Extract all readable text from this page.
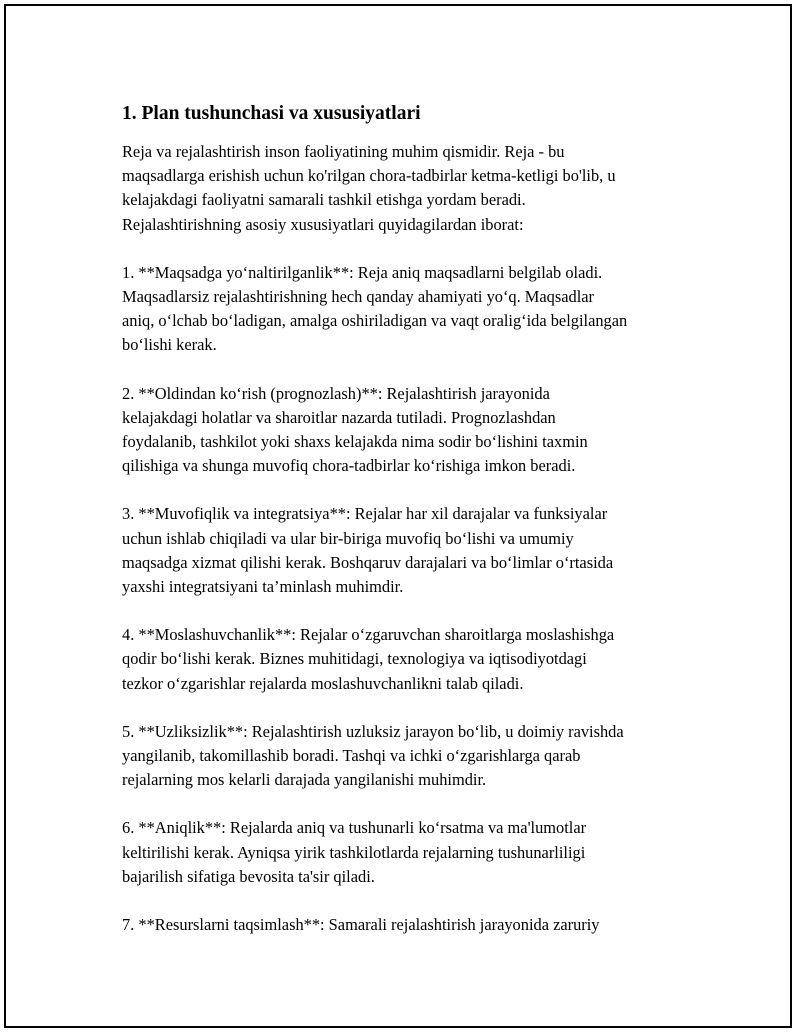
1. Plan tushunchasi va xususiyatlari
Reja va rejalashtirish inson faoliyatining muhim qismidir. Reja - bu
maqsadlarga erishish uchun ko'rilgan chora-tadbirlar ketma-ketligi bo'lib, u
kelajakdagi faoliyatni samarali tashkil etishga yordam beradi.
Rejalashtirishning asosiy xususiyatlari quyidagilardan iborat:
1. **Maqsadga yo‘naltirilganlik**: Reja aniq maqsadlarni belgilab oladi.
Maqsadlarsiz rejalashtirishning hech qanday ahamiyati yo‘q. Maqsadlar
aniq, o‘lchab bo‘ladigan, amalga oshiriladigan va vaqt oralig‘ida belgilangan
bo‘lishi kerak.
2. **Oldindan ko‘rish (prognozlash)**: Rejalashtirish jarayonida
kelajakdagi holatlar va sharoitlar nazarda tutiladi. Prognozlashdan
foydalanib, tashkilot yoki shaxs kelajakda nima sodir bo‘lishini taxmin
qilishiga va shunga muvofiq chora-tadbirlar ko‘rishiga imkon beradi.
3. **Muvofiqlik va integratsiya**: Rejalar har xil darajalar va funksiyalar
uchun ishlab chiqiladi va ular bir-biriga muvofiq bo‘lishi va umumiy
maqsadga xizmat qilishi kerak. Boshqaruv darajalari va bo‘limlar o‘rtasida
yaxshi integratsiyani ta’minlash muhimdir.
4. **Moslashuvchanlik**: Rejalar o‘zgaruvchan sharoitlarga moslashishga
qodir bo‘lishi kerak. Biznes muhitidagi, texnologiya va iqtisodiyotdagi
tezkor o‘zgarishlar rejalarda moslashuvchanlikni talab qiladi.
5. **Uzliksizlik**: Rejalashtirish uzluksiz jarayon bo‘lib, u doimiy ravishda
yangilanib, takomillashib boradi. Tashqi va ichki o‘zgarishlarga qarab
rejalarning mos kelarli darajada yangilanishi muhimdir.
6. **Aniqlik**: Rejalarda aniq va tushunarli ko‘rsatma va ma'lumotlar
keltirilishi kerak. Ayniqsa yirik tashkilotlarda rejalarning tushunarliligi
bajarilish sifatiga bevosita ta'sir qiladi.
7. **Resurslarni taqsimlash**: Samarali rejalashtirish jarayonida zaruriy
